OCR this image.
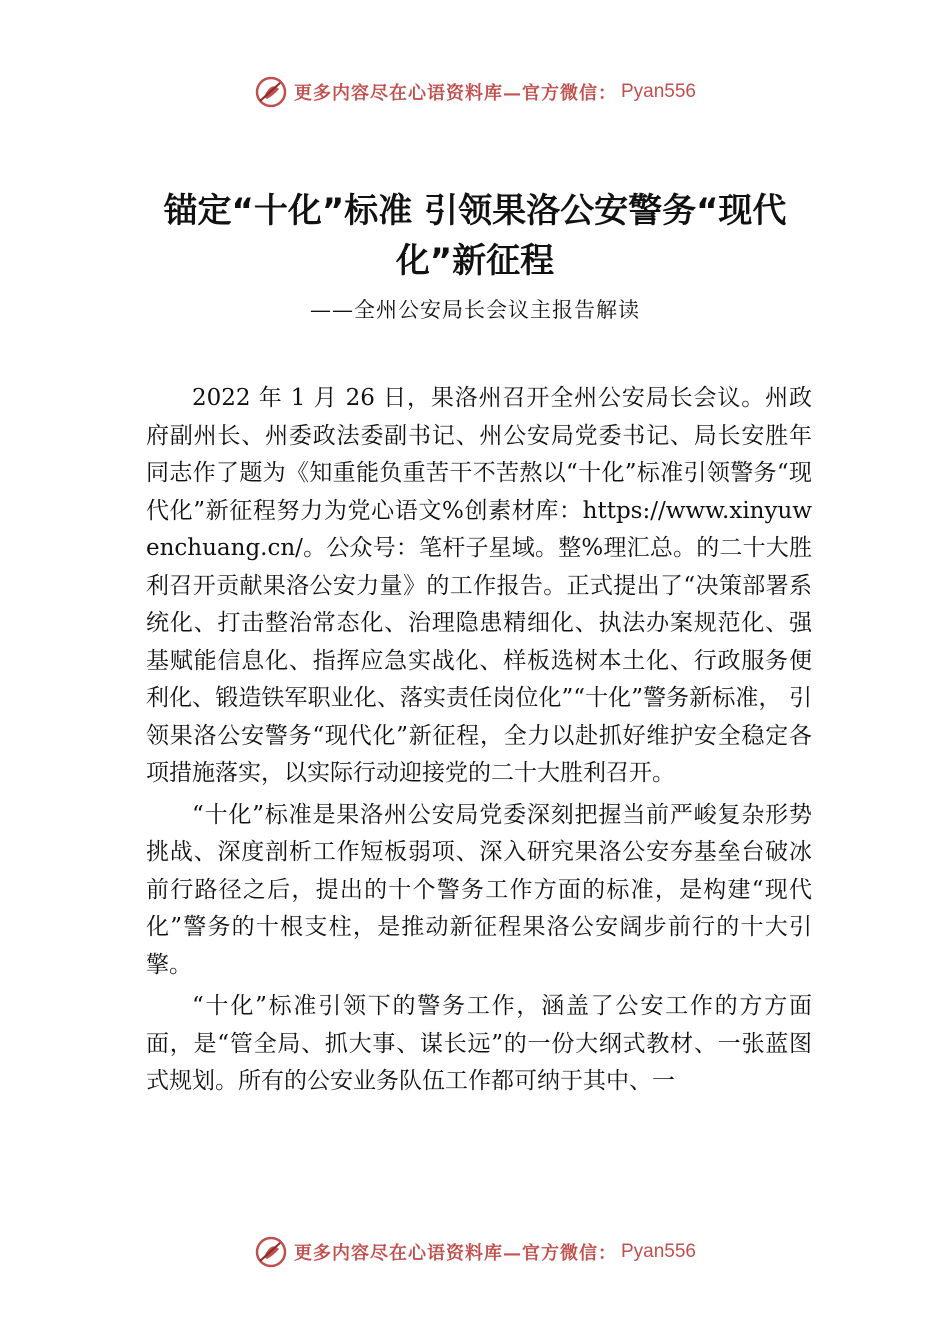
更多内容尽在心语资料库—官方微信： Pyan556
锚定“十化”标准 引领果洛公安警务“现代化”新征程
——全州公安局长会议主报告解读

2022 年 1 月 26 日，果洛州召开全州公安局长会议。州政府副州长、州委政法委副书记、州公安局党委书记、局长安胜年同志作了题为《知重能负重苦干不苦熬以“十化”标准引领警务“现代化”新征程努力为党心语文%创素材库：https://www.xinyuwenchuang.cn/。公众号：笔杆子星域。整%理汇总。的二十大胜利召开贡献果洛公安力量》的工作报告。正式提出了“决策部署系统化、打击整治常态化、治理隐患精细化、执法办案规范化、强基赋能信息化、指挥应急实战化、样板选树本土化、行政服务便利化、锻造铁军职业化、落实责任岗位化”“十化”警务新标准， 引领果洛公安警务“现代化”新征程，全力以赴抓好维护安全稳定各项措施落实，以实际行动迎接党的二十大胜利召开。

“十化”标准是果洛州公安局党委深刻把握当前严峻复杂形势挑战、深度剖析工作短板弱项、深入研究果洛公安夯基垒台破冰前行路径之后，提出的十个警务工作方面的标准，是构建“现代化”警务的十根支柱，是推动新征程果洛公安阔步前行的十大引擎。

“十化”标准引领下的警务工作，涵盖了公安工作的方方面面，是“管全局、抓大事、谋长远”的一份大纲式教材、一张蓝图式规划。所有的公安业务队伍工作都可纳于其中、一

更多内容尽在心语资料库—官方微信： Pyan556
